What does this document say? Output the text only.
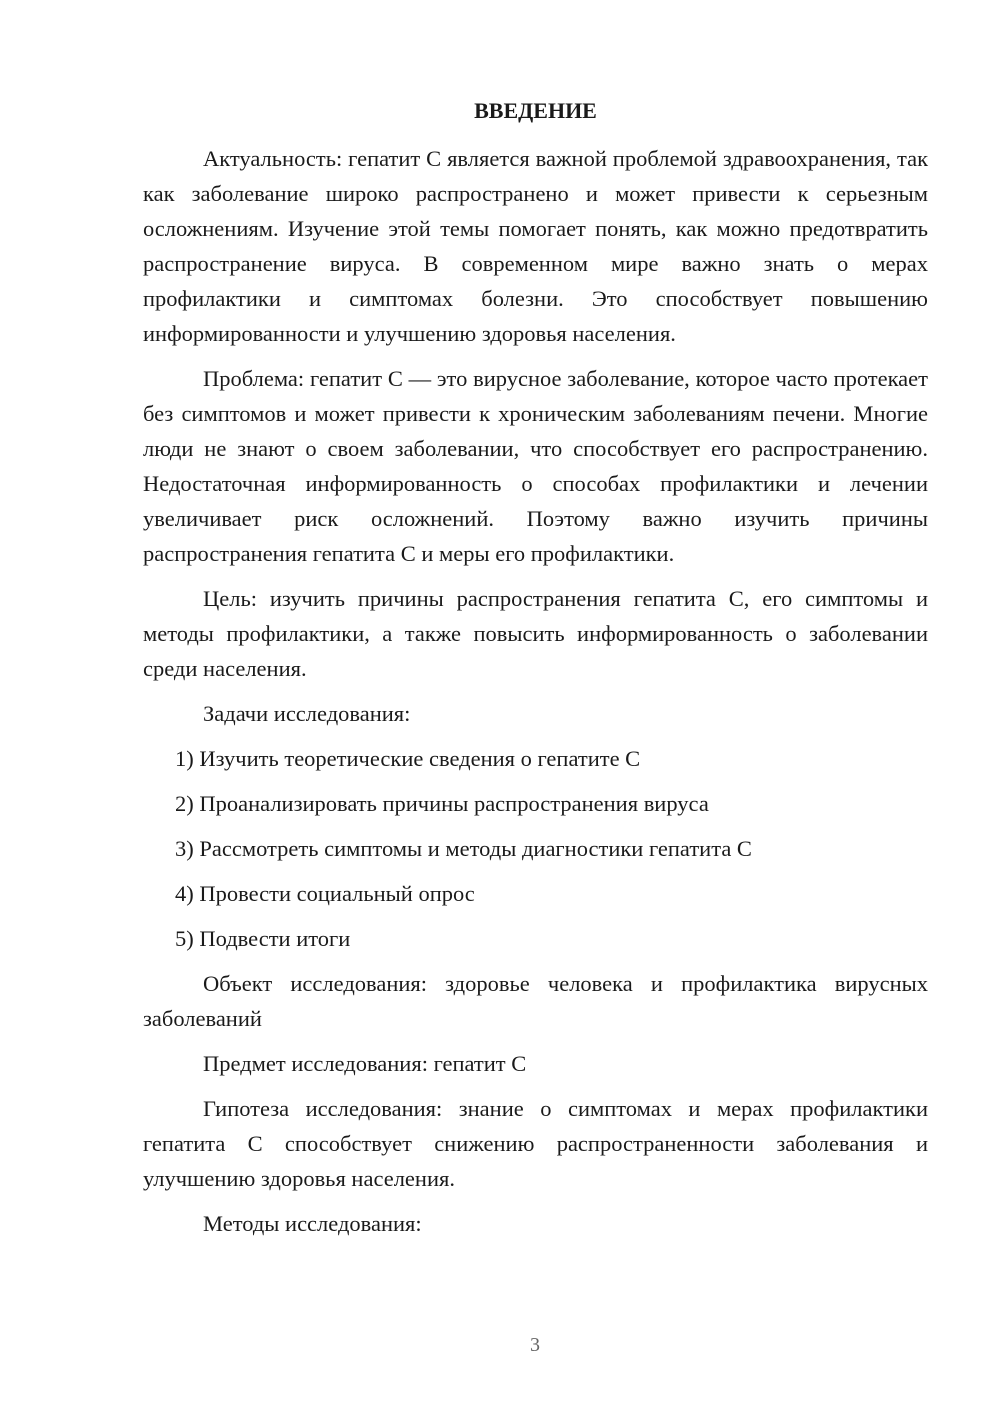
ВВЕДЕНИЕ

Актуальность: гепатит С является важной проблемой здравоохранения, так как заболевание широко распространено и может привести к серьезным осложнениям. Изучение этой темы помогает понять, как можно предотвратить распространение вируса. В современном мире важно знать о мерах профилактики и симптомах болезни. Это способствует повышению информированности и улучшению здоровья населения.

Проблема: гепатит С — это вирусное заболевание, которое часто протекает без симптомов и может привести к хроническим заболеваниям печени. Многие люди не знают о своем заболевании, что способствует его распространению. Недостаточная информированность о способах профилактики и лечении увеличивает риск осложнений. Поэтому важно изучить причины распространения гепатита С и меры его профилактики.

Цель: изучить причины распространения гепатита С, его симптомы и методы профилактики, а также повысить информированность о заболевании среди населения.

Задачи исследования:
1) Изучить теоретические сведения о гепатите С
2) Проанализировать причины распространения вируса
3) Рассмотреть симптомы и методы диагностики гепатита С
4) Провести социальный опрос
5) Подвести итоги

Объект исследования: здоровье человека и профилактика вирусных заболеваний

Предмет исследования: гепатит С

Гипотеза исследования: знание о симптомах и мерах профилактики гепатита С способствует снижению распространенности заболевания и улучшению здоровья населения.

Методы исследования:
3
